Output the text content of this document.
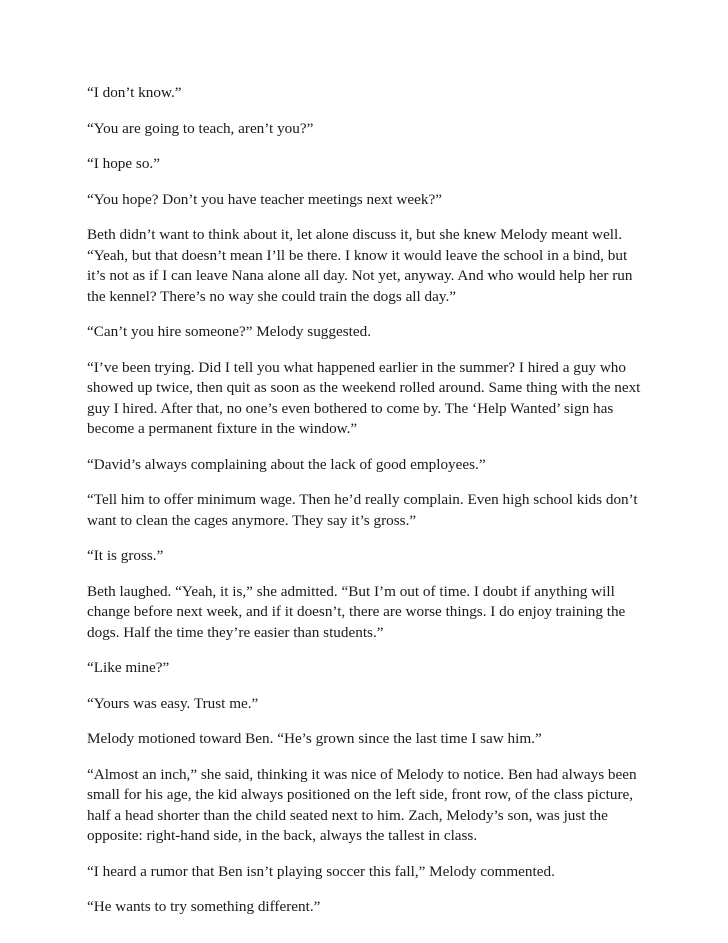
“I don’t know.”

“You are going to teach, aren’t you?”

“I hope so.”

“You hope? Don’t you have teacher meetings next week?”

Beth didn’t want to think about it, let alone discuss it, but she knew Melody meant well. “Yeah, but that doesn’t mean I’ll be there. I know it would leave the school in a bind, but it’s not as if I can leave Nana alone all day. Not yet, anyway. And who would help her run the kennel? There’s no way she could train the dogs all day.”

“Can’t you hire someone?” Melody suggested.

“I’ve been trying. Did I tell you what happened earlier in the summer? I hired a guy who showed up twice, then quit as soon as the weekend rolled around. Same thing with the next guy I hired. After that, no one’s even bothered to come by. The ‘Help Wanted’ sign has become a permanent fixture in the window.”

“David’s always complaining about the lack of good employees.”

“Tell him to offer minimum wage. Then he’d really complain. Even high school kids don’t want to clean the cages anymore. They say it’s gross.”

“It is gross.”

Beth laughed. “Yeah, it is,” she admitted. “But I’m out of time. I doubt if anything will change before next week, and if it doesn’t, there are worse things. I do enjoy training the dogs. Half the time they’re easier than students.”

“Like mine?”

“Yours was easy. Trust me.”

Melody motioned toward Ben. “He’s grown since the last time I saw him.”

“Almost an inch,” she said, thinking it was nice of Melody to notice. Ben had always been small for his age, the kid always positioned on the left side, front row, of the class picture, half a head shorter than the child seated next to him. Zach, Melody’s son, was just the opposite: right-hand side, in the back, always the tallest in class.

“I heard a rumor that Ben isn’t playing soccer this fall,” Melody commented.

“He wants to try something different.”
